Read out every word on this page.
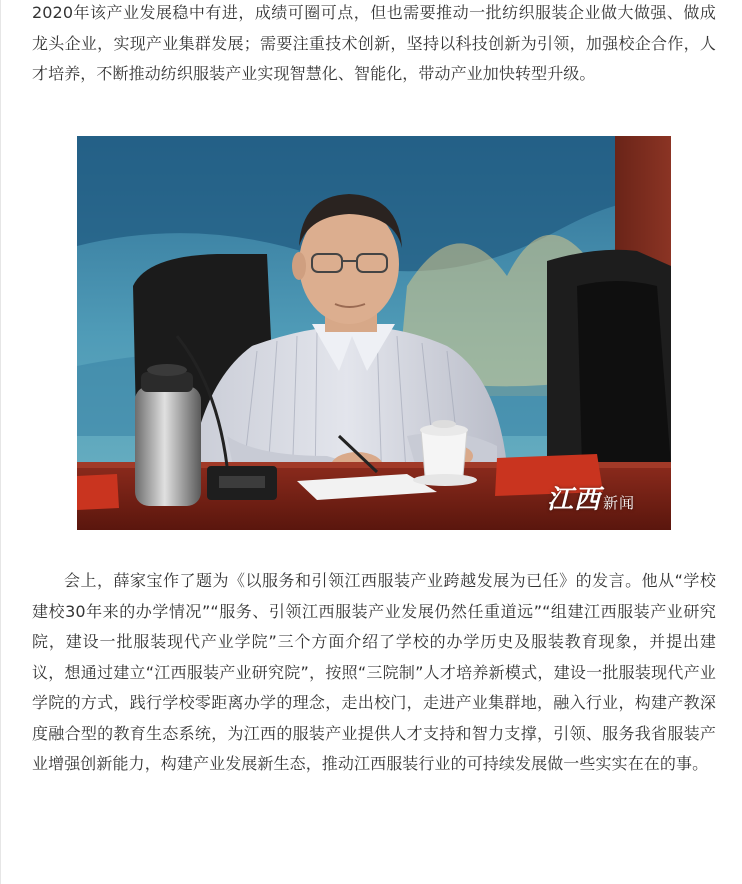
2020年该产业发展稳中有进，成绩可圈可点，但也需要推动一批纺织服装企业做大做强、做成龙头企业，实现产业集群发展；需要注重技术创新，坚持以科技创新为引领，加强校企合作，人才培养，不断推动纺织服装产业实现智慧化、智能化，带动产业加快转型升级。

江西 新闻

会上，薛家宝作了题为《以服务和引领江西服装产业跨越发展为已任》的发言。他从“学校建校30年来的办学情况”“服务、引领江西服装产业发展仍然任重道远”“组建江西服装产业研究院，建设一批服装现代产业学院”三个方面介绍了学校的办学历史及服装教育现象，并提出建议，想通过建立“江西服装产业研究院”，按照“三院制”人才培养新模式，建设一批服装现代产业学院的方式，践行学校零距离办学的理念，走出校门，走进产业集群地，融入行业，构建产教深度融合型的教育生态系统，为江西的服装产业提供人才支持和智力支撑，引领、服务我省服装产业增强创新能力，构建产业发展新生态，推动江西服装行业的可持续发展做一些实实在在的事。
